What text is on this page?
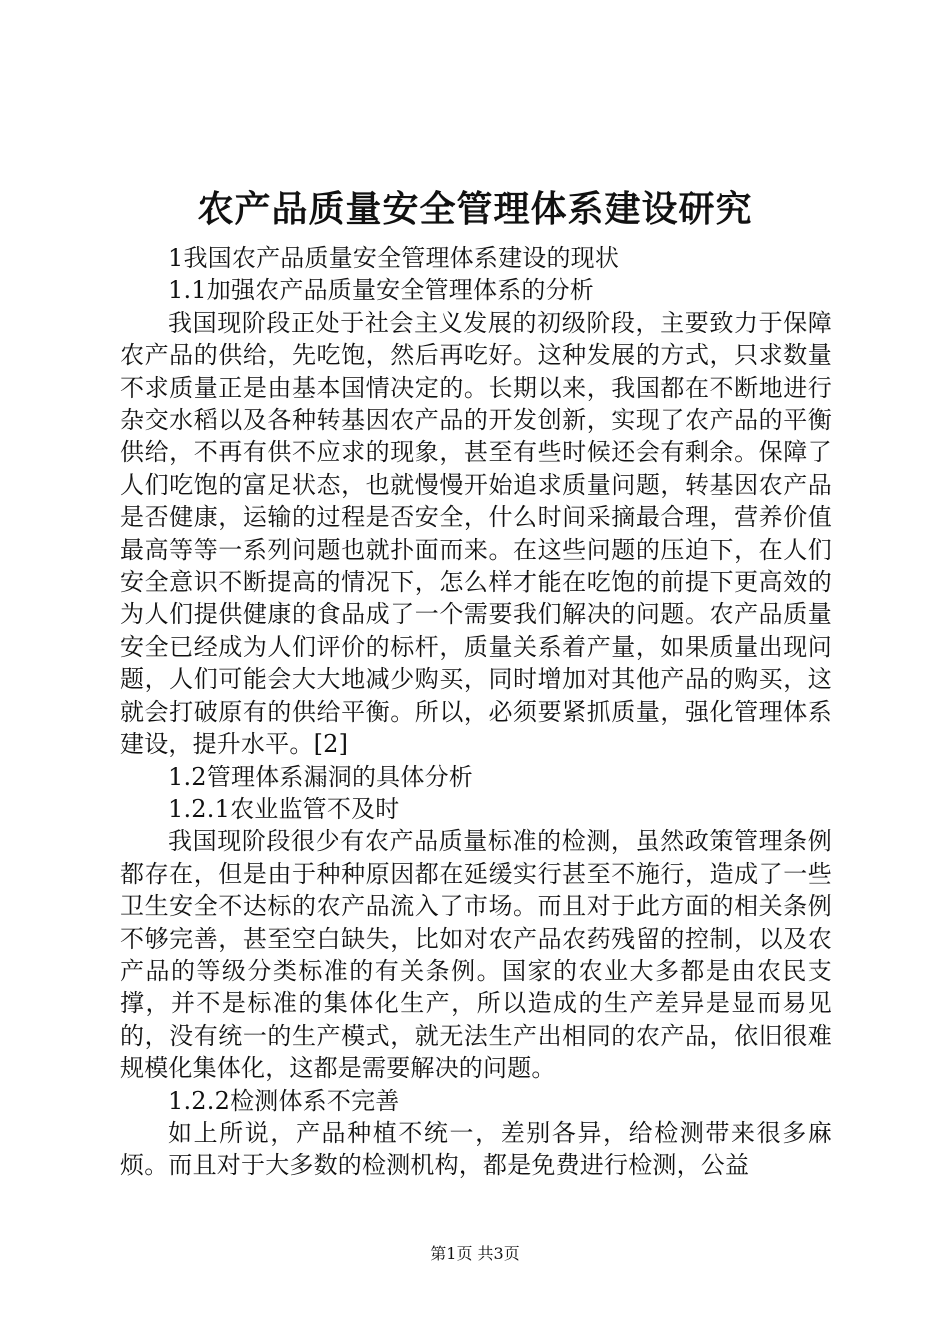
农产品质量安全管理体系建设研究

1我国农产品质量安全管理体系建设的现状

1.1加强农产品质量安全管理体系的分析

我国现阶段正处于社会主义发展的初级阶段，主要致力于保障农产品的供给，先吃饱，然后再吃好。这种发展的方式，只求数量不求质量正是由基本国情决定的。长期以来，我国都在不断地进行杂交水稻以及各种转基因农产品的开发创新，实现了农产品的平衡供给，不再有供不应求的现象，甚至有些时候还会有剩余。保障了人们吃饱的富足状态，也就慢慢开始追求质量问题，转基因农产品是否健康，运输的过程是否安全，什么时间采摘最合理，营养价值最高等等一系列问题也就扑面而来。在这些问题的压迫下，在人们安全意识不断提高的情况下，怎么样才能在吃饱的前提下更高效的为人们提供健康的食品成了一个需要我们解决的问题。农产品质量安全已经成为人们评价的标杆，质量关系着产量，如果质量出现问题，人们可能会大大地减少购买，同时增加对其他产品的购买，这就会打破原有的供给平衡。所以，必须要紧抓质量，强化管理体系建设，提升水平。[2]

1.2管理体系漏洞的具体分析

1.2.1农业监管不及时

我国现阶段很少有农产品质量标准的检测，虽然政策管理条例都存在，但是由于种种原因都在延缓实行甚至不施行，造成了一些卫生安全不达标的农产品流入了市场。而且对于此方面的相关条例不够完善，甚至空白缺失，比如对农产品农药残留的控制，以及农产品的等级分类标准的有关条例。国家的农业大多都是由农民支撑，并不是标准的集体化生产，所以造成的生产差异是显而易见的，没有统一的生产模式，就无法生产出相同的农产品，依旧很难规模化集体化，这都是需要解决的问题。

1.2.2检测体系不完善

如上所说，产品种植不统一，差别各异，给检测带来很多麻烦。而且对于大多数的检测机构，都是免费进行检测，公益

第1页 共3页
